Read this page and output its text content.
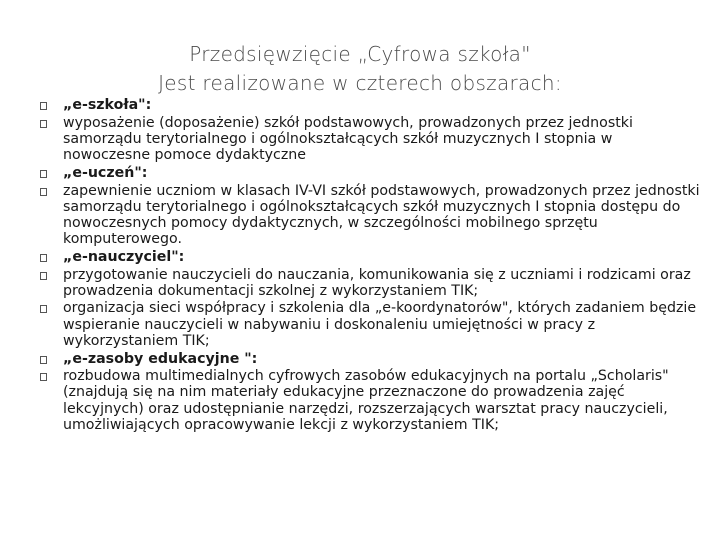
Przedsięwzięcie „Cyfrowa szkoła"
Jest realizowane w czterech obszarach:
„e-szkoła":
wyposażenie (doposażenie) szkół podstawowych, prowadzonych przez jednostki samorządu terytorialnego i ogólnokształcących szkół muzycznych I stopnia w nowoczesne pomoce dydaktyczne
„e-uczeń":
zapewnienie uczniom w klasach IV-VI szkół podstawowych, prowadzonych przez jednostki samorządu terytorialnego i ogólnokształcących szkół muzycznych I stopnia dostępu do nowoczesnych pomocy dydaktycznych, w szczególności mobilnego sprzętu komputerowego.
„e-nauczyciel":
przygotowanie nauczycieli do nauczania, komunikowania się z uczniami i rodzicami oraz prowadzenia dokumentacji szkolnej z wykorzystaniem TIK;
organizacja sieci współpracy i szkolenia dla „e-koordynatorów", których zadaniem będzie wspieranie nauczycieli w nabywaniu i doskonaleniu umiejętności w pracy z wykorzystaniem TIK;
„e-zasoby edukacyjne ":
rozbudowa multimedialnych cyfrowych zasobów edukacyjnych na portalu „Scholaris" (znajdują się na nim materiały edukacyjne przeznaczone do prowadzenia zajęć lekcyjnych) oraz udostępnianie narzędzi, rozszerzających warsztat pracy nauczycieli, umożliwiających opracowywanie lekcji z wykorzystaniem TIK;
